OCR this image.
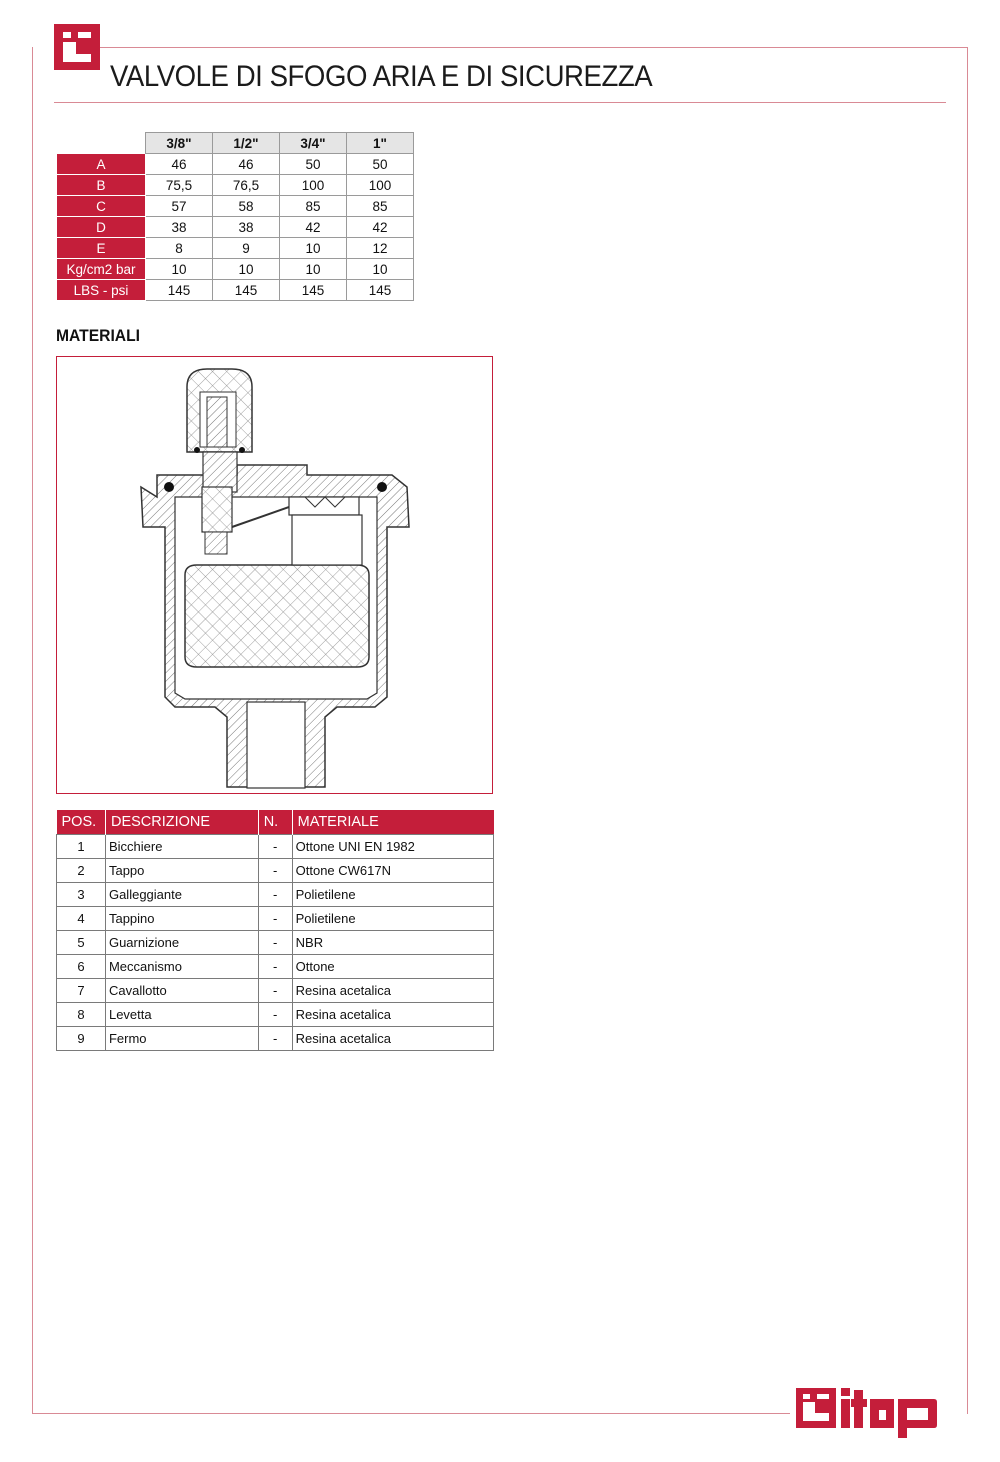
VALVOLE DI SFOGO ARIA E DI SICUREZZA
	3/8"	1/2"	3/4"	1"
A	46	46	50	50
B	75,5	76,5	100	100
C	57	58	85	85
D	38	38	42	42
E	8	9	10	12
Kg/cm2 bar	10	10	10	10
LBS - psi	145	145	145	145
MATERIALI
POS.	DESCRIZIONE	N.	MATERIALE
1	Bicchiere	-	Ottone UNI EN 1982
2	Tappo	-	Ottone CW617N
3	Galleggiante	-	Polietilene
4	Tappino	-	Polietilene
5	Guarnizione	-	NBR
6	Meccanismo	-	Ottone
7	Cavallotto	-	Resina acetalica
8	Levetta	-	Resina acetalica
9	Fermo	-	Resina acetalica
